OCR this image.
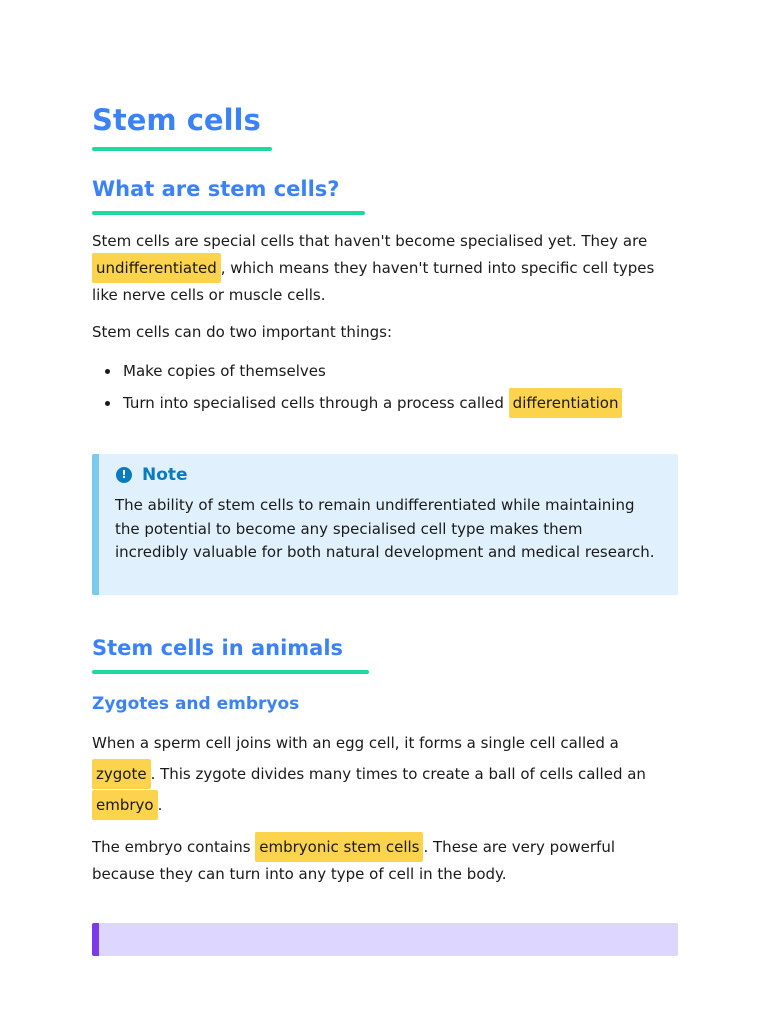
Stem cells
What are stem cells?

Stem cells are special cells that haven't become specialised yet. They are undifferentiated , which means they haven't turned into specific cell types like nerve cells or muscle cells.

Stem cells can do two important things:

Make copies of themselves
Turn into specialised cells through a process called differentiation
! Note

The ability of stem cells to remain undifferentiated while maintaining the potential to become any specialised cell type makes them incredibly valuable for both natural development and medical research.

Stem cells in animals
Zygotes and embryos

When a sperm cell joins with an egg cell, it forms a single cell called a zygote . This zygote divides many times to create a ball of cells called an embryo .

The embryo contains embryonic stem cells . These are very powerful because they can turn into any type of cell in the body.
